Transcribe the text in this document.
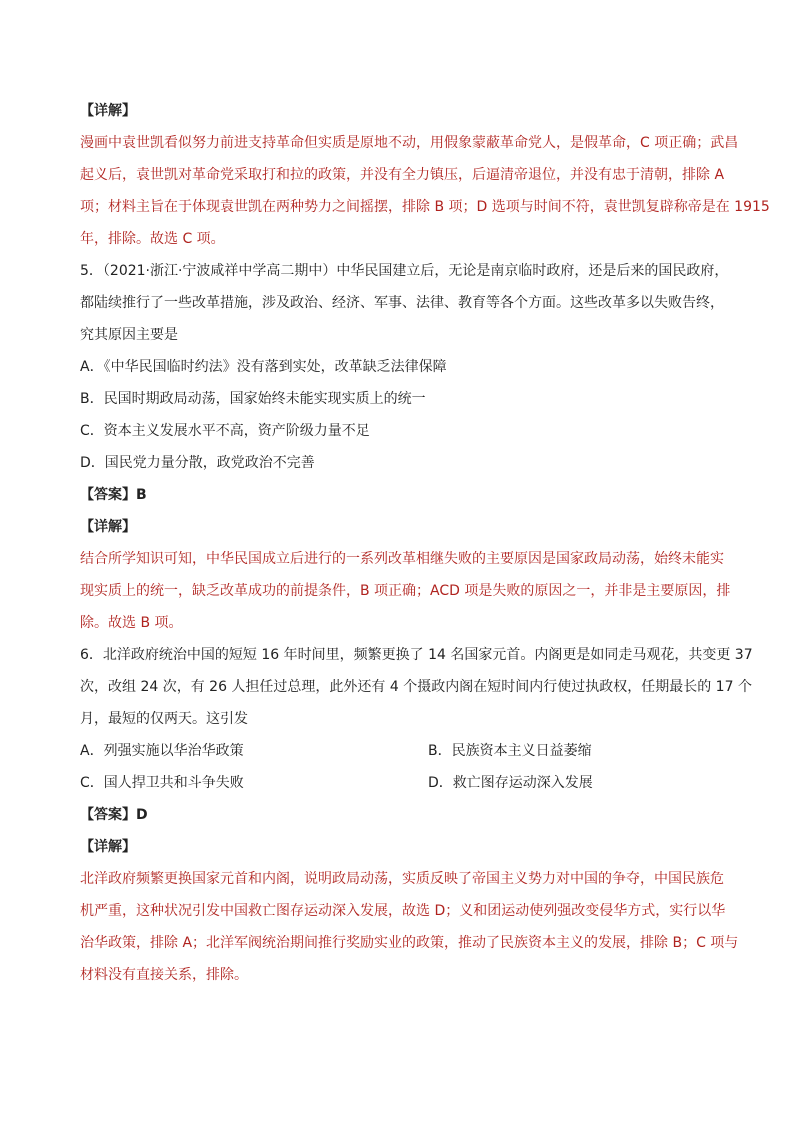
【详解】
漫画中袁世凯看似努力前进支持革命但实质是原地不动，用假象蒙蔽革命党人，是假革命，C 项正确；武昌
起义后，袁世凯对革命党采取打和拉的政策，并没有全力镇压，后逼清帝退位，并没有忠于清朝，排除 A
项；材料主旨在于体现袁世凯在两种势力之间摇摆，排除 B 项；D 选项与时间不符，袁世凯复辟称帝是在 1915
年，排除。故选 C 项。
5．（2021·浙江·宁波咸祥中学高二期中）中华民国建立后，无论是南京临时政府，还是后来的国民政府，
都陆续推行了一些改革措施，涉及政治、经济、军事、法律、教育等各个方面。这些改革多以失败告终，
究其原因主要是
A．《中华民国临时约法》没有落到实处，改革缺乏法律保障
B．民国时期政局动荡，国家始终未能实现实质上的统一
C．资本主义发展水平不高，资产阶级力量不足
D．国民党力量分散，政党政治不完善
【答案】B
【详解】
结合所学知识可知，中华民国成立后进行的一系列改革相继失败的主要原因是国家政局动荡，始终未能实
现实质上的统一，缺乏改革成功的前提条件，B 项正确；ACD 项是失败的原因之一，并非是主要原因，排
除。故选 B 项。
6．北洋政府统治中国的短短 16 年时间里，频繁更换了 14 名国家元首。内阁更是如同走马观花，共变更 37
次，改组 24 次，有 26 人担任过总理，此外还有 4 个摄政内阁在短时间内行使过执政权，任期最长的 17 个
月，最短的仅两天。这引发
A．列强实施以华治华政策	B．民族资本主义日益萎缩
C．国人捍卫共和斗争失败	D．救亡图存运动深入发展
【答案】D
【详解】
北洋政府频繁更换国家元首和内阁，说明政局动荡，实质反映了帝国主义势力对中国的争夺，中国民族危
机严重，这种状况引发中国救亡图存运动深入发展，故选 D；义和团运动使列强改变侵华方式，实行以华
治华政策，排除 A；北洋军阀统治期间推行奖励实业的政策，推动了民族资本主义的发展，排除 B；C 项与
材料没有直接关系，排除。
